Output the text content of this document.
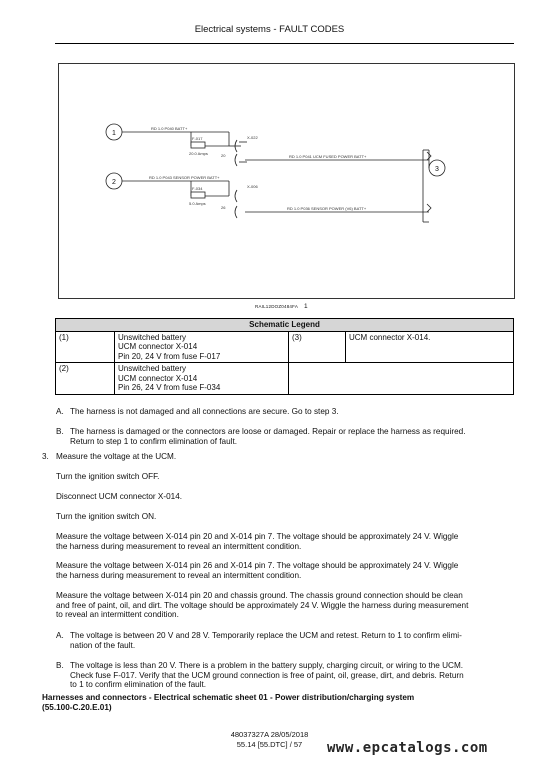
Electrical systems - FAULT CODES
RD 1.0 P040 BATT+
RD 1.0 P041 UCM FUSED POWER BATT+
RD 1.0 P043 SENSOR POWER BATT+
RD 1.0 P036 SENSOR POWER (V6) BATT+
F-017
20.0 Amps
F-034
5.0 Amps
X-022
X-006
20
26
1
2
3
RAIL12DOZ0484FA 1
Schematic Legend			
(1)	Unswitched battery
UCM connector X-014
Pin 20, 24 V from fuse F-017	(3)	UCM connector X-014.
(2)	Unswitched battery
UCM connector X-014
Pin 26, 24 V from fuse F-034		

A. The harness is not damaged and all connections are secure. Go to step 3.
B. The harness is damaged or the connectors are loose or damaged. Repair or replace the harness as required.
Return to step 1 to confirm elimination of fault.
3. Measure the voltage at the UCM.
Turn the ignition switch OFF.
Disconnect UCM connector X-014.
Turn the ignition switch ON.
Measure the voltage between X-014 pin 20 and X-014 pin 7. The voltage should be approximately 24 V. Wiggle
the harness during measurement to reveal an intermittent condition.
Measure the voltage between X-014 pin 26 and X-014 pin 7. The voltage should be approximately 24 V. Wiggle
the harness during measurement to reveal an intermittent condition.
Measure the voltage between X-014 pin 20 and chassis ground. The chassis ground connection should be clean
and free of paint, oil, and dirt. The voltage should be approximately 24 V. Wiggle the harness during measurement
to reveal an intermittent condition.
A. The voltage is between 20 V and 28 V. Temporarily replace the UCM and retest. Return to 1 to confirm elimi-
nation of the fault.
B. The voltage is less than 20 V. There is a problem in the battery supply, charging circuit, or wiring to the UCM.
Check fuse F-017. Verify that the UCM ground connection is free of paint, oil, grease, dirt, and debris. Return
to 1 to confirm elimination of the fault.
Harnesses and connectors - Electrical schematic sheet 01 - Power distribution/charging system
(55.100-C.20.E.01)
48037327A 28/05/2018
55.14 [55.DTC] / 57	www.epcatalogs.com
